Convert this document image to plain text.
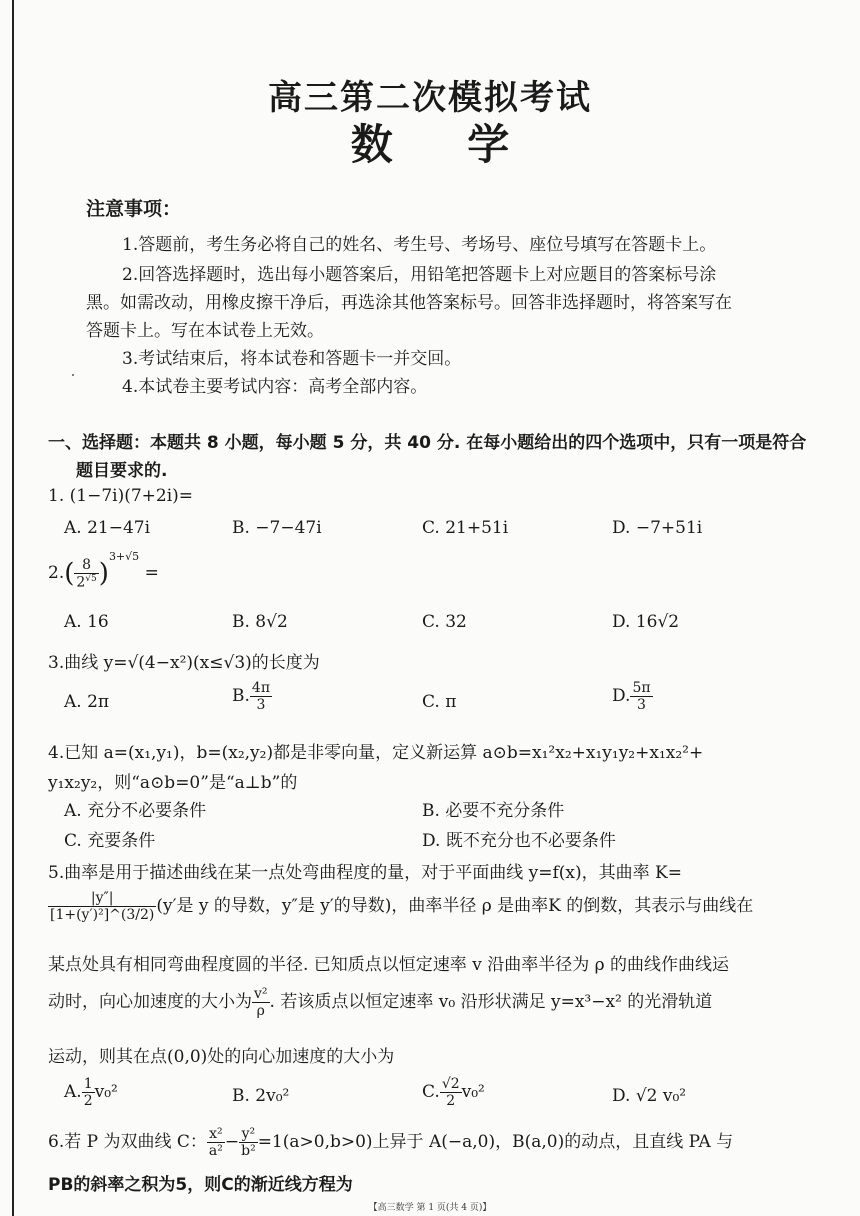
高三第二次模拟考试
数 学
注意事项：
1.答题前，考生务必将自己的姓名、考生号、考场号、座位号填写在答题卡上。
2.回答选择题时，选出每小题答案后，用铅笔把答题卡上对应题目的答案标号涂
黑。如需改动，用橡皮擦干净后，再选涂其他答案标号。回答非选择题时，将答案写在
答题卡上。写在本试卷上无效。
3.考试结束后，将本试卷和答题卡一并交回。
4.本试卷主要考试内容：高考全部内容。
一、选择题：本题共 8 小题，每小题 5 分，共 40 分. 在每小题给出的四个选项中，只有一项是符合
题目要求的.
1. (1−7i)(7+2i)=
A. 21−47i	B. −7−47i	C. 21+51i	D. −7+51i
$2.( \frac{8}{2^{√5}} )^{3+√5}$ =
A. 16	B. 8√2	C. 32	D. 16√2
3.曲线 y=√(4−x²)(x≤√3)的长度为
A. 2π	B. $\frac{4\pi}{3}$	C. π	D. $\frac{5\pi}{3}$
4.已知 a=(x₁,y₁)，b=(x₂,y₂)都是非零向量，定义新运算 a⊙b=x₁²x₂+x₁y₁y₂+x₁x₂²+
y₁x₂y₂，则“a⊙b=0”是“a⊥b”的
A. 充分不必要条件	B. 必要不充分条件
C. 充要条件	D. 既不充分也不必要条件
5.曲率是用于描述曲线在某一点处弯曲程度的量，对于平面曲线 y=f(x)，其曲率 K=
$\frac{|y''|}{\text{[1+(y′)²]\textasciicircum{}(3/2)}} (y'$是 y 的导数，y″是 y′的导数)，曲率半径 ρ 是曲率K 的倒数，其表示与曲线在
某点处具有相同弯曲程度圆的半径. 已知质点以恒定速率 v 沿曲率半径为 ρ 的曲线作曲线运
动时，向心加速度的大小为 $\frac{\text{v²}}{\rho}$ . 若该质点以恒定速率 v₀ 沿形状满足 y=x³−x² 的光滑轨道
运动，则其在点(0,0)处的向心加速度的大小为
A. $\frac{1}{2} v_0^2$	B. 2v₀²	C. $\frac{√2}{2} v_0^2$	D. √2 v₀²
6.若 P 为双曲线 C： $\frac{\text{x²}}{\text{a²}} - \frac{\text{y²}}{\text{b²}} =1(a>0,b>0)$上异于 A(−a,0)，B(a,0)的动点，且直线 PA 与
PB的斜率之积为5，则C的渐近线方程为
【高三数学 第 1 页(共 4 页)】
